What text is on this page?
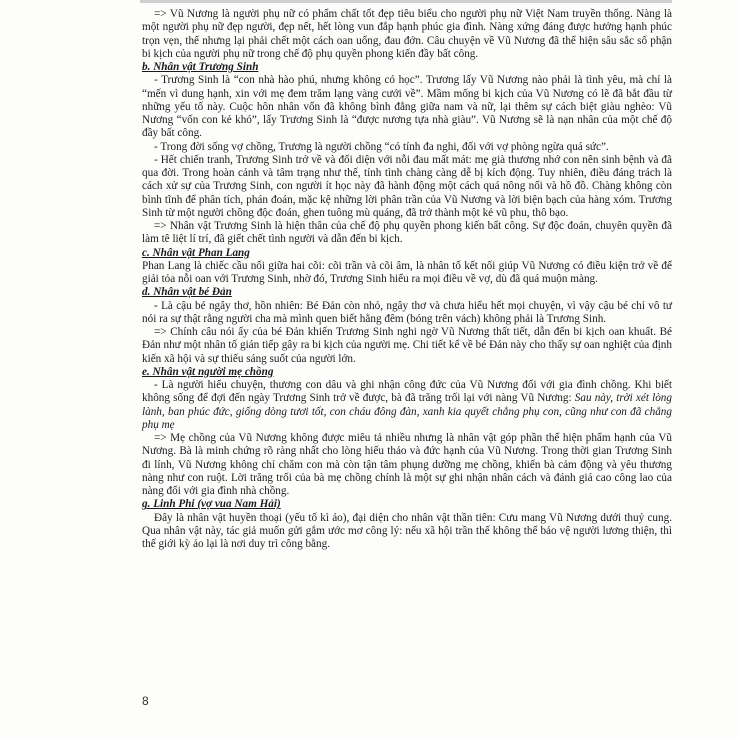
=> Vũ Nương là người phụ nữ có phẩm chất tốt đẹp tiêu biểu cho người phụ nữ Việt Nam truyền thống. Nàng là một người phụ nữ đẹp người, đẹp nết, hết lòng vun đắp hạnh phúc gia đình. Nàng xứng đáng được hưởng hạnh phúc trọn vẹn, thế nhưng lại phải chết một cách oan uổng, đau đớn. Câu chuyện về Vũ Nương đã thể hiện sâu sắc số phận bi kịch của người phụ nữ trong chế độ phụ quyền phong kiến đầy bất công.

b. Nhân vật Trương Sinh

- Trương Sinh là “con nhà hào phú, nhưng không có học”. Trương lấy Vũ Nương nào phải là tình yêu, mà chỉ là “mến vì dung hạnh, xin với mẹ đem trăm lạng vàng cưới về”. Mầm mống bi kịch của Vũ Nương có lẽ đã bắt đầu từ những yếu tố này. Cuộc hôn nhân vốn đã không bình đẳng giữa nam và nữ, lại thêm sự cách biệt giàu nghèo: Vũ Nương “vốn con kẻ khó”, lấy Trương Sinh là “được nương tựa nhà giàu”. Vũ Nương sẽ là nạn nhân của một chế độ đầy bất công.

- Trong đời sống vợ chồng, Trương là người chồng “có tính đa nghi, đối với vợ phòng ngừa quá sức”.

- Hết chiến tranh, Trương Sinh trở về và đối diện với nỗi đau mất mát: mẹ già thương nhớ con nên sinh bệnh và đã qua đời. Trong hoàn cảnh và tâm trạng như thế, tính tình chàng càng dễ bị kích động. Tuy nhiên, điều đáng trách là cách xử sự của Trương Sinh, con người ít học này đã hành động một cách quá nông nổi và hồ đồ. Chàng không còn bình tĩnh để phân tích, phán đoán, mặc kệ những lời phân trần của Vũ Nương và lời biện bạch của hàng xóm. Trương Sinh từ một người chồng độc đoán, ghen tuông mù quáng, đã trở thành một kẻ vũ phu, thô bạo.

=> Nhân vật Trương Sinh là hiện thân của chế độ phụ quyền phong kiến bất công. Sự độc đoán, chuyên quyền đã làm tê liệt lí trí, đã giết chết tình người và dẫn đến bi kịch.

c. Nhân vật Phan Lang

Phan Lang là chiếc cầu nối giữa hai cõi: cõi trần và cõi âm, là nhân tố kết nối giúp Vũ Nương có điều kiện trở về để giải tỏa nỗi oan với Trương Sinh, nhờ đó, Trương Sinh hiểu ra mọi điều về vợ, dù đã quá muộn màng.

d. Nhân vật bé Đản

- Là cậu bé ngây thơ, hồn nhiên: Bé Đản còn nhỏ, ngây thơ và chưa hiểu hết mọi chuyện, vì vậy cậu bé chỉ vô tư nói ra sự thật rằng người cha mà mình quen biết hằng đêm (bóng trên vách) không phải là Trương Sinh.

=> Chính câu nói ấy của bé Đản khiến Trương Sinh nghi ngờ Vũ Nương thất tiết, dẫn đến bi kịch oan khuất. Bé Đản như một nhân tố gián tiếp gây ra bi kịch của người mẹ. Chi tiết kể về bé Đản này cho thấy sự oan nghiệt của định kiến xã hội và sự thiếu sáng suốt của người lớn.

e. Nhân vật người mẹ chồng

- Là người hiểu chuyện, thương con dâu và ghi nhận công đức của Vũ Nương đối với gia đình chồng. Khi biết không sống để đợi đến ngày Trương Sinh trở về được, bà đã trăng trối lại với nàng Vũ Nương: Sau này, trời xét lòng lành, ban phúc đức, giống dòng tươi tốt, con cháu đông đàn, xanh kia quyết chẳng phụ con, cũng như con đã chẳng phụ mẹ

=> Mẹ chồng của Vũ Nương không được miêu tả nhiều nhưng là nhân vật góp phần thể hiện phẩm hạnh của Vũ Nương. Bà là minh chứng rõ ràng nhất cho lòng hiếu thảo và đức hạnh của Vũ Nương. Trong thời gian Trương Sinh đi lính, Vũ Nương không chỉ chăm con mà còn tận tâm phụng dưỡng mẹ chồng, khiến bà cảm động và yêu thương nàng như con ruột. Lời trăng trối của bà mẹ chồng chính là một sự ghi nhận nhân cách và đánh giá cao công lao của nàng đối với gia đình nhà chồng.

g. Linh Phi (vợ vua Nam Hải)

Đây là nhân vật huyền thoại (yếu tố kì ảo), đại diện cho nhân vật thần tiên: Cưu mang Vũ Nương dưới thuỷ cung. Qua nhân vật này, tác giả muốn gửi gắm ước mơ công lý: nếu xã hội trần thế không thể bảo vệ người lương thiện, thì thế giới kỳ ảo lại là nơi duy trì công bằng.

8
